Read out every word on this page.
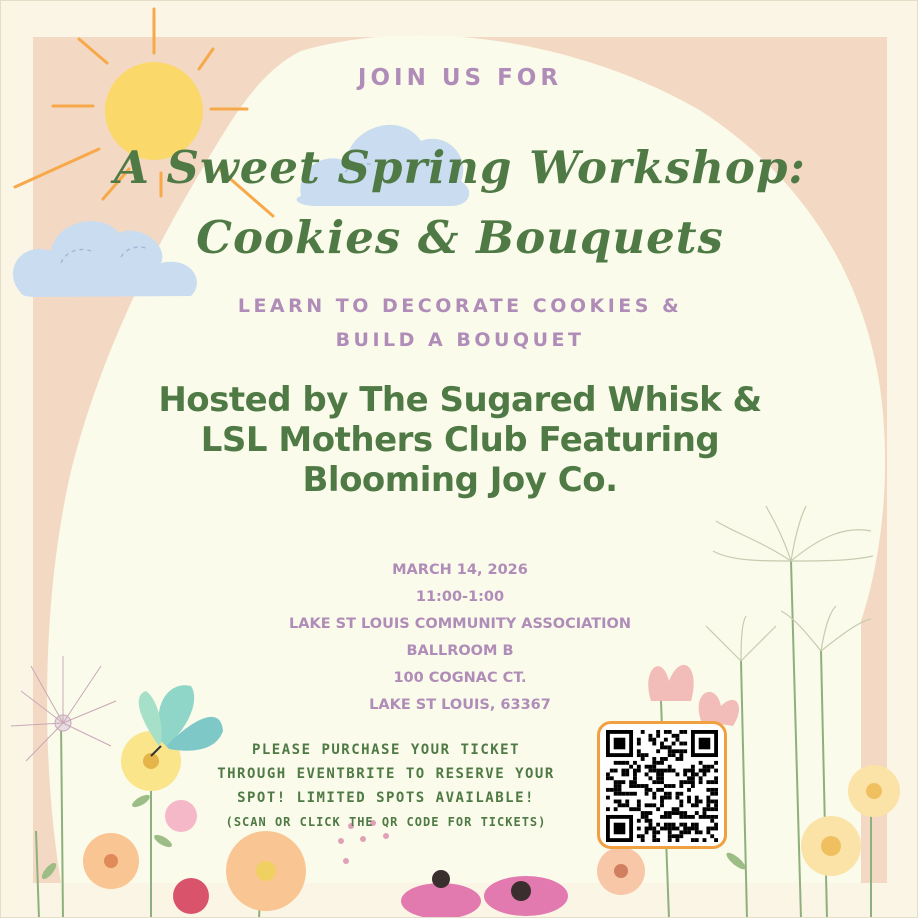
JOIN US FOR

A Sweet Spring Workshop:
Cookies & Bouquets

LEARN TO DECORATE COOKIES &
BUILD A BOUQUET

Hosted by The Sugared Whisk &
LSL Mothers Club Featuring
Blooming Joy Co.

MARCH 14, 2026
11:00-1:00
LAKE ST LOUIS COMMUNITY ASSOCIATION
BALLROOM B
100 COGNAC CT.
LAKE ST LOUIS, 63367
PLEASE PURCHASE YOUR TICKET
THROUGH EVENTBRITE TO RESERVE YOUR
SPOT! LIMITED SPOTS AVAILABLE!
(SCAN OR CLICK THE QR CODE FOR TICKETS)
